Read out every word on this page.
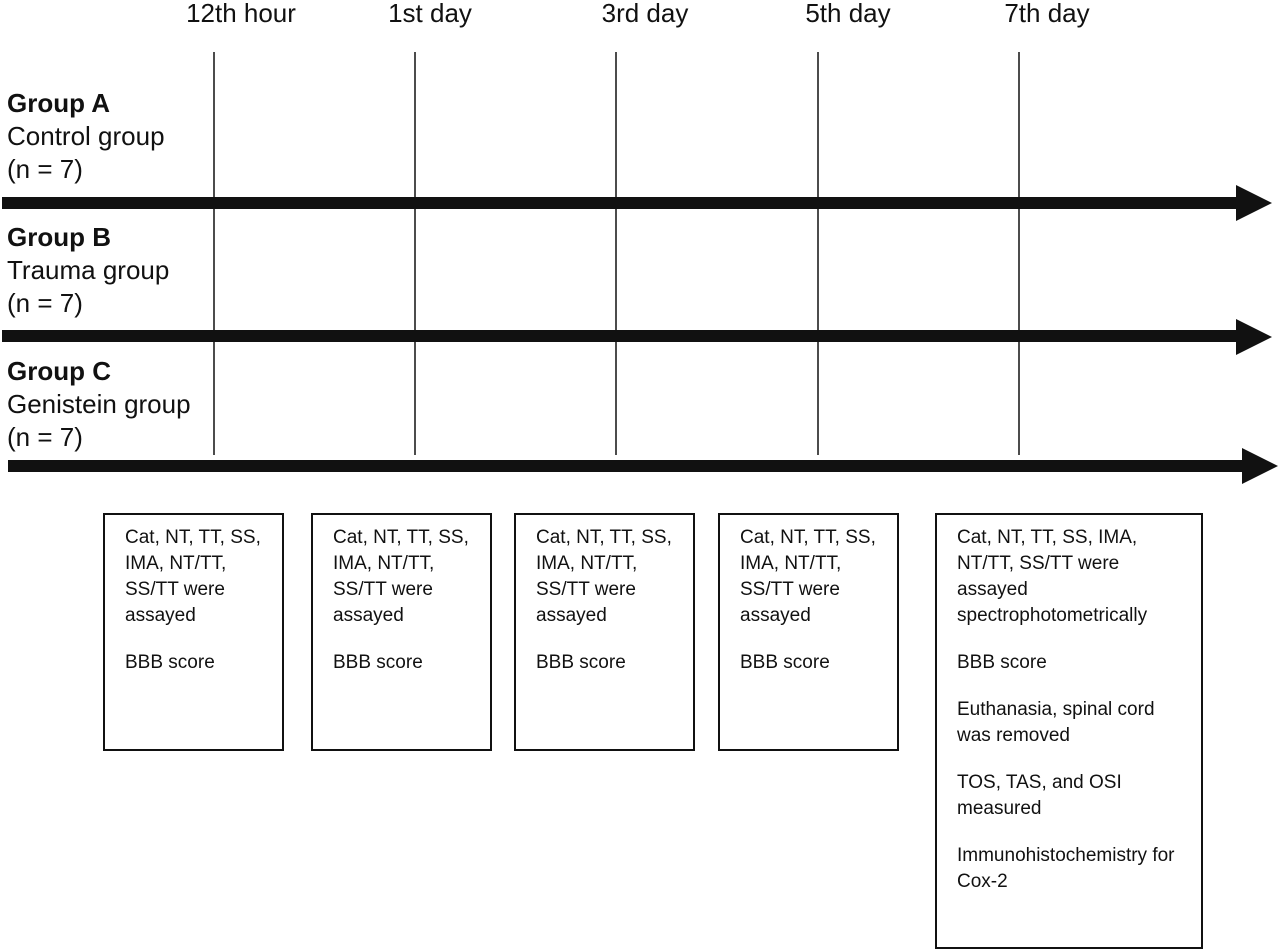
12th hour	1st day	3rd day	5th day	7th day
Group A
Control group
(n = 7)
Group B
Trauma group
(n = 7)
Group C
Genistein group
(n = 7)
Cat, NT, TT, SS, IMA, NT/TT, SS/TT were assayed
BBB score
Cat, NT, TT, SS, IMA, NT/TT, SS/TT were assayed
BBB score
Cat, NT, TT, SS, IMA, NT/TT, SS/TT were assayed
BBB score
Cat, NT, TT, SS, IMA, NT/TT, SS/TT were assayed
BBB score
Cat, NT, TT, SS, IMA, NT/TT, SS/TT were assayed spectrophotometrically
BBB score
Euthanasia, spinal cord was removed
TOS, TAS, and OSI measured
Immunohistochemistry for Cox-2
